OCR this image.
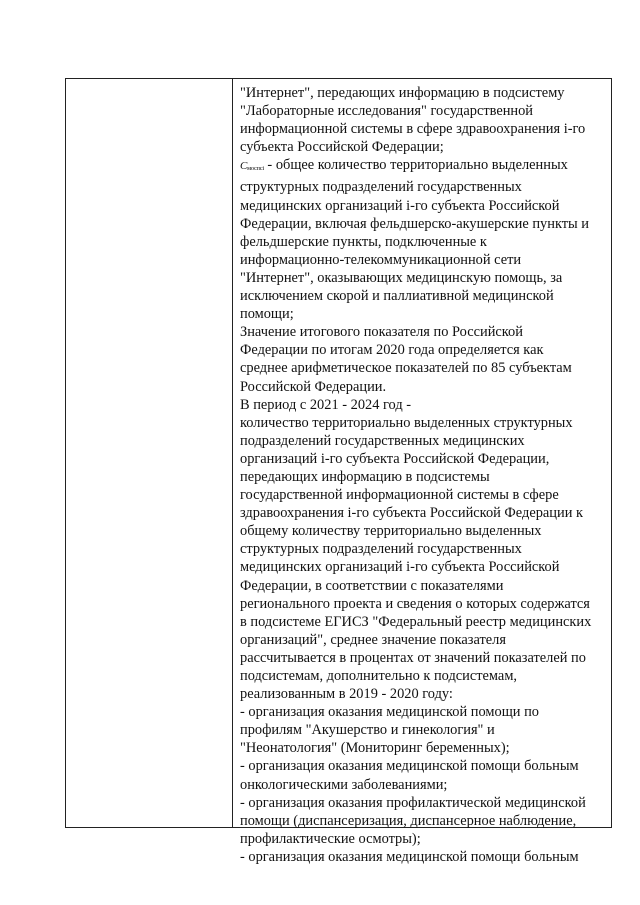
"Интернет", передающих информацию в подсистему
"Лабораторные исследования" государственной
информационной системы в сфере здравоохранения i-го
субъекта Российской Федерации;
Cмоспсi - общее количество территориально выделенных
структурных подразделений государственных
медицинских организаций i-го субъекта Российской
Федерации, включая фельдшерско-акушерские пункты и
фельдшерские пункты, подключенные к
информационно-телекоммуникационной сети
"Интернет", оказывающих медицинскую помощь, за
исключением скорой и паллиативной медицинской
помощи;
Значение итогового показателя по Российской
Федерации по итогам 2020 года определяется как
среднее арифметическое показателей по 85 субъектам
Российской Федерации.
В период с 2021 - 2024 год -
количество территориально выделенных структурных
подразделений государственных медицинских
организаций i-го субъекта Российской Федерации,
передающих информацию в подсистемы
государственной информационной системы в сфере
здравоохранения i-го субъекта Российской Федерации к
общему количеству территориально выделенных
структурных подразделений государственных
медицинских организаций i-го субъекта Российской
Федерации, в соответствии с показателями
регионального проекта и сведения о которых содержатся
в подсистеме ЕГИСЗ "Федеральный реестр медицинских
организаций", среднее значение показателя
рассчитывается в процентах от значений показателей по
подсистемам, дополнительно к подсистемам,
реализованным в 2019 - 2020 году:
- организация оказания медицинской помощи по
профилям "Акушерство и гинекология" и
"Неонатология" (Мониторинг беременных);
- организация оказания медицинской помощи больным
онкологическими заболеваниями;
- организация оказания профилактической медицинской
помощи (диспансеризация, диспансерное наблюдение,
профилактические осмотры);
- организация оказания медицинской помощи больным
